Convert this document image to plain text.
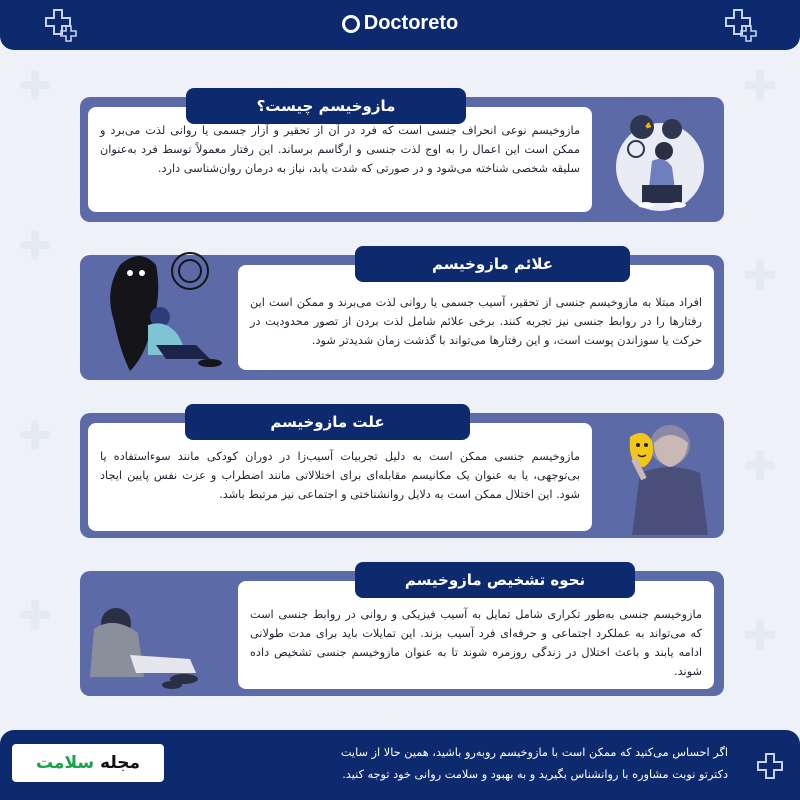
Doctoreto
مازوخیسم نوعی انحراف جنسی است که فرد در آن از تحقیر و آزار جسمی یا روانی لذت می‌برد و ممکن است این اعمال را به اوج لذت جنسی و ارگاسم برساند. این رفتار معمولاً توسط فرد به‌عنوان سلیقه شخصی شناخته می‌شود و در صورتی که شدت یابد، نیاز به درمان روان‌شناسی دارد.
مازوخیسم چیست؟
افراد مبتلا به مازوخیسم جنسی از تحقیر، آسیب جسمی یا روانی لذت می‌برند و ممکن است این رفتارها را در روابط جنسی نیز تجربه کنند. برخی علائم شامل لذت بردن از تصور محدودیت در حرکت یا سوزاندن پوست است، و این رفتارها می‌تواند با گذشت زمان شدیدتر شود.
علائم مازوخیسم
مازوخیسم جنسی ممکن است به دلیل تجربیات آسیب‌زا در دوران کودکی مانند سوءاستفاده یا بی‌توجهی، یا به عنوان یک مکانیسم مقابله‌ای برای اختلالاتی مانند اضطراب و عزت نفس پایین ایجاد شود. این اختلال ممکن است به دلایل روانشناختی و اجتماعی نیز مرتبط باشد.
علت مازوخیسم
مازوخیسم جنسی به‌طور تکراری شامل تمایل به آسیب فیزیکی و روانی در روابط جنسی است که می‌تواند به عملکرد اجتماعی و حرفه‌ای فرد آسیب بزند. این تمایلات باید برای مدت طولانی ادامه یابند و باعث اختلال در زندگی روزمره شوند تا به عنوان مازوخیسم جنسی تشخیص داده شوند.
نحوه تشخیص مازوخیسم
اگر احساس می‌کنید که ممکن است با مازوخیسم روبه‌رو باشید، همین حالا از سایت
دکترتو نوبت مشاوره با روانشناس بگیرید و به بهبود و سلامت روانی خود توجه کنید.
مجله سلامت
